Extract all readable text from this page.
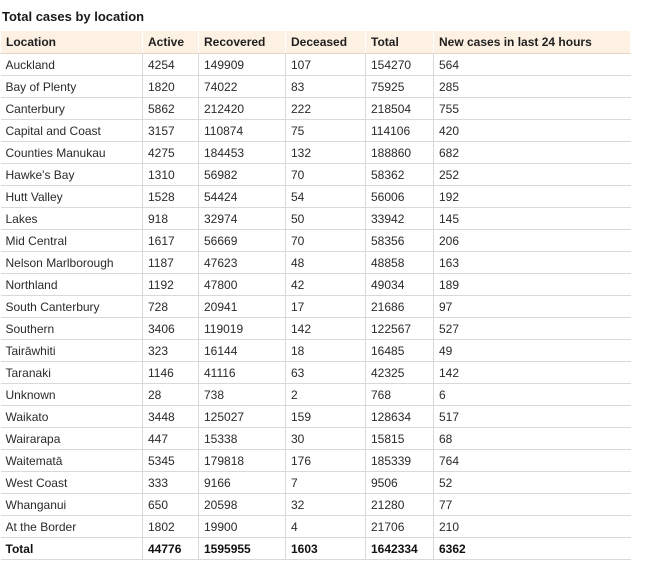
Total cases by location
Location	Active	Recovered	Deceased	Total	New cases in last 24 hours
Auckland	4254	149909	107	154270	564
Bay of Plenty	1820	74022	83	75925	285
Canterbury	5862	212420	222	218504	755
Capital and Coast	3157	110874	75	114106	420
Counties Manukau	4275	184453	132	188860	682
Hawke's Bay	1310	56982	70	58362	252
Hutt Valley	1528	54424	54	56006	192
Lakes	918	32974	50	33942	145
Mid Central	1617	56669	70	58356	206
Nelson Marlborough	1187	47623	48	48858	163
Northland	1192	47800	42	49034	189
South Canterbury	728	20941	17	21686	97
Southern	3406	119019	142	122567	527
Tairāwhiti	323	16144	18	16485	49
Taranaki	1146	41116	63	42325	142
Unknown	28	738	2	768	6
Waikato	3448	125027	159	128634	517
Wairarapa	447	15338	30	15815	68
Waitematā	5345	179818	176	185339	764
West Coast	333	9166	7	9506	52
Whanganui	650	20598	32	21280	77
At the Border	1802	19900	4	21706	210
Total	44776	1595955	1603	1642334	6362
